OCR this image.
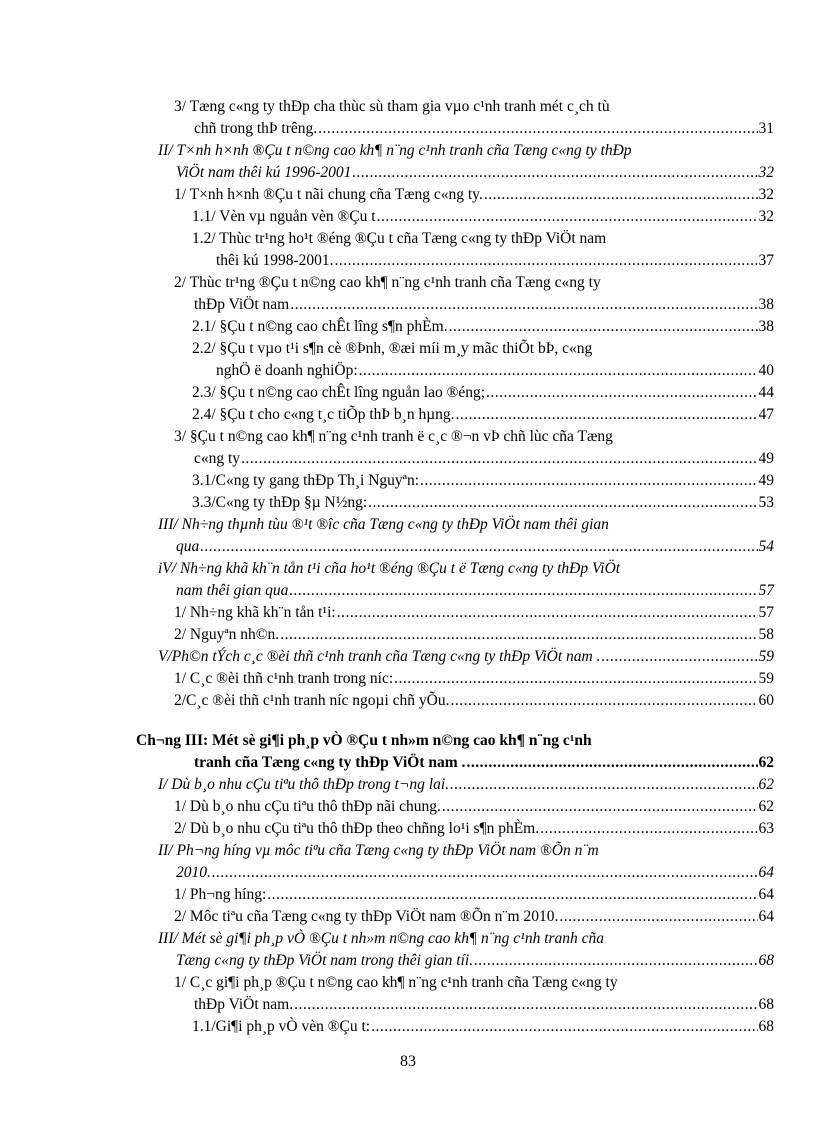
3/ Tæng c«ng ty thÐp cha thùc sù tham gia vµo c¹nh tranh mét c¸ch tù
chñ trong thÞ trêng. .....	31
II/ T×nh h×nh ®Çu t n©ng cao kh¶ n¨ng c¹nh tranh cña Tæng c«ng ty thÐp
ViÖt nam thêi kú 1996-2001 .....	32
1/ T×nh h×nh ®Çu t nãi chung cña Tæng c«ng ty. .....	32
1.1/ Vèn vµ nguån vèn ®Çu t .....	32
1.2/ Thùc tr¹ng ho¹t ®éng ®Çu t cña Tæng c«ng ty thÐp ViÖt nam
thêi kú 1998-2001. .....	37
2/ Thùc tr¹ng ®Çu t n©ng cao kh¶ n¨ng c¹nh tranh cña Tæng c«ng ty
thÐp ViÖt nam .....	38
2.1/ §Çu t n©ng cao chÊt lîng s¶n phÈm. .....	38
2.2/ §Çu t vµo t¹i s¶n cè ®Þnh, ®æi míi m¸y mãc thiÕt bÞ, c«ng
nghÖ ë doanh nghiÖp: .....	40
2.3/ §Çu t n©ng cao chÊt lîng nguån lao ®éng; .....	44
2.4/ §Çu t cho c«ng t¸c tiÕp thÞ b¸n hµng. .....	47
3/ §Çu t n©ng cao kh¶ n¨ng c¹nh tranh ë c¸c ®¬n vÞ chñ lùc cña Tæng
c«ng ty .....	49
3.1/C«ng ty gang thÐp Th¸i Nguyªn: .....	49
3.3/C«ng ty thÐp §µ N½ng: .....	53
III/ Nh÷ng thµnh tùu ®¹t ®îc cña Tæng c«ng ty thÐp ViÖt nam thêi gian
qua .....	54
iV/ Nh÷ng khã kh¨n tån t¹i cña ho¹t ®éng ®Çu t ë Tæng c«ng ty thÐp ViÖt
nam thêi gian qua .....	57
1/ Nh÷ng khã kh¨n tån t¹i: .....	57
2/ Nguyªn nh©n. .....	58
V/Ph©n tÝch c¸c ®èi thñ c¹nh tranh cña Tæng c«ng ty thÐp ViÖt nam . .....	59
1/ C¸c ®èi thñ c¹nh tranh trong níc: .....	59
2/C¸c ®èi thñ c¹nh tranh níc ngoµi chñ yÕu. .....	60
Ch¬ng III: Mét sè gi¶i ph¸p vÒ ®Çu t nh»m n©ng cao kh¶ n¨ng c¹nh
tranh cña Tæng c«ng ty thÐp ViÖt nam . .....	62
I/ Dù b¸o nhu cÇu tiªu thô thÐp trong t¬ng lai. .....	62
1/ Dù b¸o nhu cÇu tiªu thô thÐp nãi chung. .....	62
2/ Dù b¸o nhu cÇu tiªu thô thÐp theo chñng lo¹i s¶n phÈm. .....	63
II/ Ph¬ng híng vµ môc tiªu cña Tæng c«ng ty thÐp ViÖt nam ®Õn n¨m
2010. .....	64
1/ Ph¬ng híng: .....	64
2/ Môc tiªu cña Tæng c«ng ty thÐp ViÖt nam ®Õn n¨m 2010. .....	64
III/ Mét sè gi¶i ph¸p vÒ ®Çu t nh»m n©ng cao kh¶ n¨ng c¹nh tranh cña
Tæng c«ng ty thÐp ViÖt nam trong thêi gian tíi. .....	68
1/ C¸c gi¶i ph¸p ®Çu t n©ng cao kh¶ n¨ng c¹nh tranh cña Tæng c«ng ty
thÐp ViÖt nam. .....	68
1.1/Gi¶i ph¸p vÒ vèn ®Çu t: .....	68
83
